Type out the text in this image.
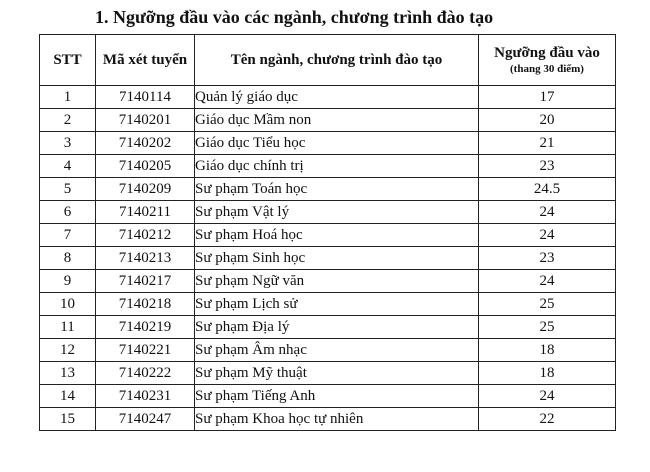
1. Ngưỡng đầu vào các ngành, chương trình đào tạo
STT	Mã xét tuyển	Tên ngành, chương trình đào tạo	Ngưỡng đầu vào
(thang 30 điểm)

1	7140114	Quản lý giáo dục	17
2	7140201	Giáo dục Mầm non	20
3	7140202	Giáo dục Tiểu học	21
4	7140205	Giáo dục chính trị	23
5	7140209	Sư phạm Toán học	24.5
6	7140211	Sư phạm Vật lý	24
7	7140212	Sư phạm Hoá học	24
8	7140213	Sư phạm Sinh học	23
9	7140217	Sư phạm Ngữ văn	24
10	7140218	Sư phạm Lịch sử	25
11	7140219	Sư phạm Địa lý	25
12	7140221	Sư phạm Âm nhạc	18
13	7140222	Sư phạm Mỹ thuật	18
14	7140231	Sư phạm Tiếng Anh	24
15	7140247	Sư phạm Khoa học tự nhiên	22
